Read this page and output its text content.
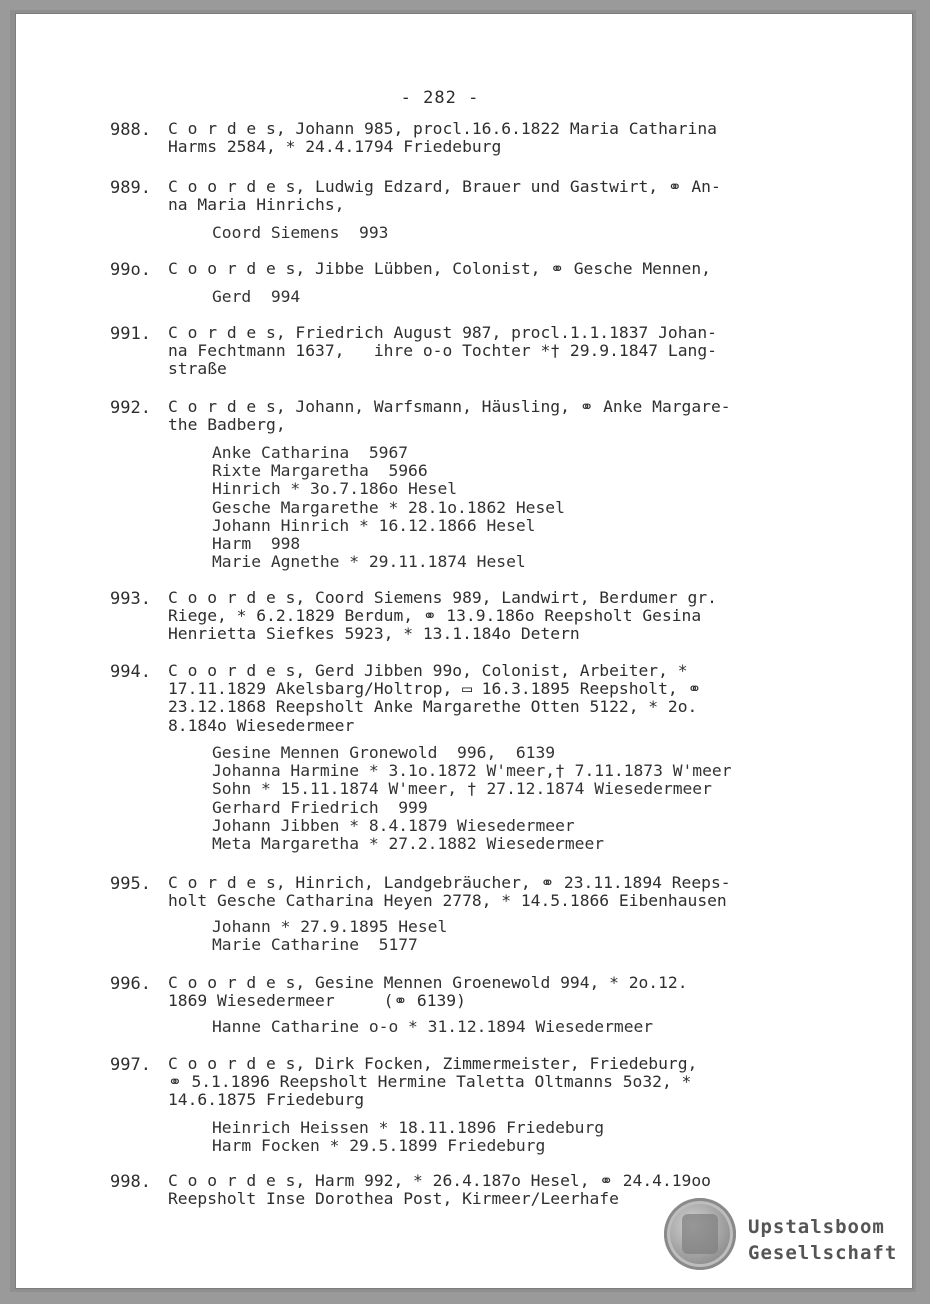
- 282 -
988. C o r d e s, Johann 985, procl.16.6.1822 Maria Catharina
Harms 2584, * 24.4.1794 Friedeburg
989. C o o r d e s, Ludwig Edzard, Brauer und Gastwirt, ⚭ An-
na Maria Hinrichs,
Coord Siemens  993
99o. C o o r d e s, Jibbe Lübben, Colonist, ⚭ Gesche Mennen,
Gerd  994
991. C o r d e s, Friedrich August 987, procl.1.1.1837 Johan-
na Fechtmann 1637,   ihre o-o Tochter *† 29.9.1847 Lang-
straße
992. C o r d e s, Johann, Warfsmann, Häusling, ⚭ Anke Margare-
the Badberg,
Anke Catharina  5967
Rixte Margaretha  5966
Hinrich * 3o.7.186o Hesel
Gesche Margarethe * 28.1o.1862 Hesel
Johann Hinrich * 16.12.1866 Hesel
Harm  998
Marie Agnethe * 29.11.1874 Hesel
993. C o o r d e s, Coord Siemens 989, Landwirt, Berdumer gr.
Riege, * 6.2.1829 Berdum, ⚭ 13.9.186o Reepsholt Gesina
Henrietta Siefkes 5923, * 13.1.184o Detern
994. C o o r d e s, Gerd Jibben 99o, Colonist, Arbeiter, *
17.11.1829 Akelsbarg/Holtrop, ▭ 16.3.1895 Reepsholt, ⚭
23.12.1868 Reepsholt Anke Margarethe Otten 5122, * 2o.
8.184o Wiesedermeer
Gesine Mennen Gronewold  996,  6139
Johanna Harmine * 3.1o.1872 W'meer,† 7.11.1873 W'meer
Sohn * 15.11.1874 W'meer, † 27.12.1874 Wiesedermeer
Gerhard Friedrich  999
Johann Jibben * 8.4.1879 Wiesedermeer
Meta Margaretha * 27.2.1882 Wiesedermeer
995. C o r d e s, Hinrich, Landgebräucher, ⚭ 23.11.1894 Reeps-
holt Gesche Catharina Heyen 2778, * 14.5.1866 Eibenhausen
Johann * 27.9.1895 Hesel
Marie Catharine  5177
996. C o o r d e s, Gesine Mennen Groenewold 994, * 2o.12.
1869 Wiesedermeer     (⚭ 6139)
Hanne Catharine o-o * 31.12.1894 Wiesedermeer
997. C o o r d e s, Dirk Focken, Zimmermeister, Friedeburg,
⚭ 5.1.1896 Reepsholt Hermine Taletta Oltmanns 5o32, *
14.6.1875 Friedeburg
Heinrich Heissen * 18.11.1896 Friedeburg
Harm Focken * 29.5.1899 Friedeburg
998. C o o r d e s, Harm 992, * 26.4.187o Hesel, ⚭ 24.4.19oo
Reepsholt Inse Dorothea Post, Kirmeer/Leerhafe
Upstalsboom
Gesellschaft
